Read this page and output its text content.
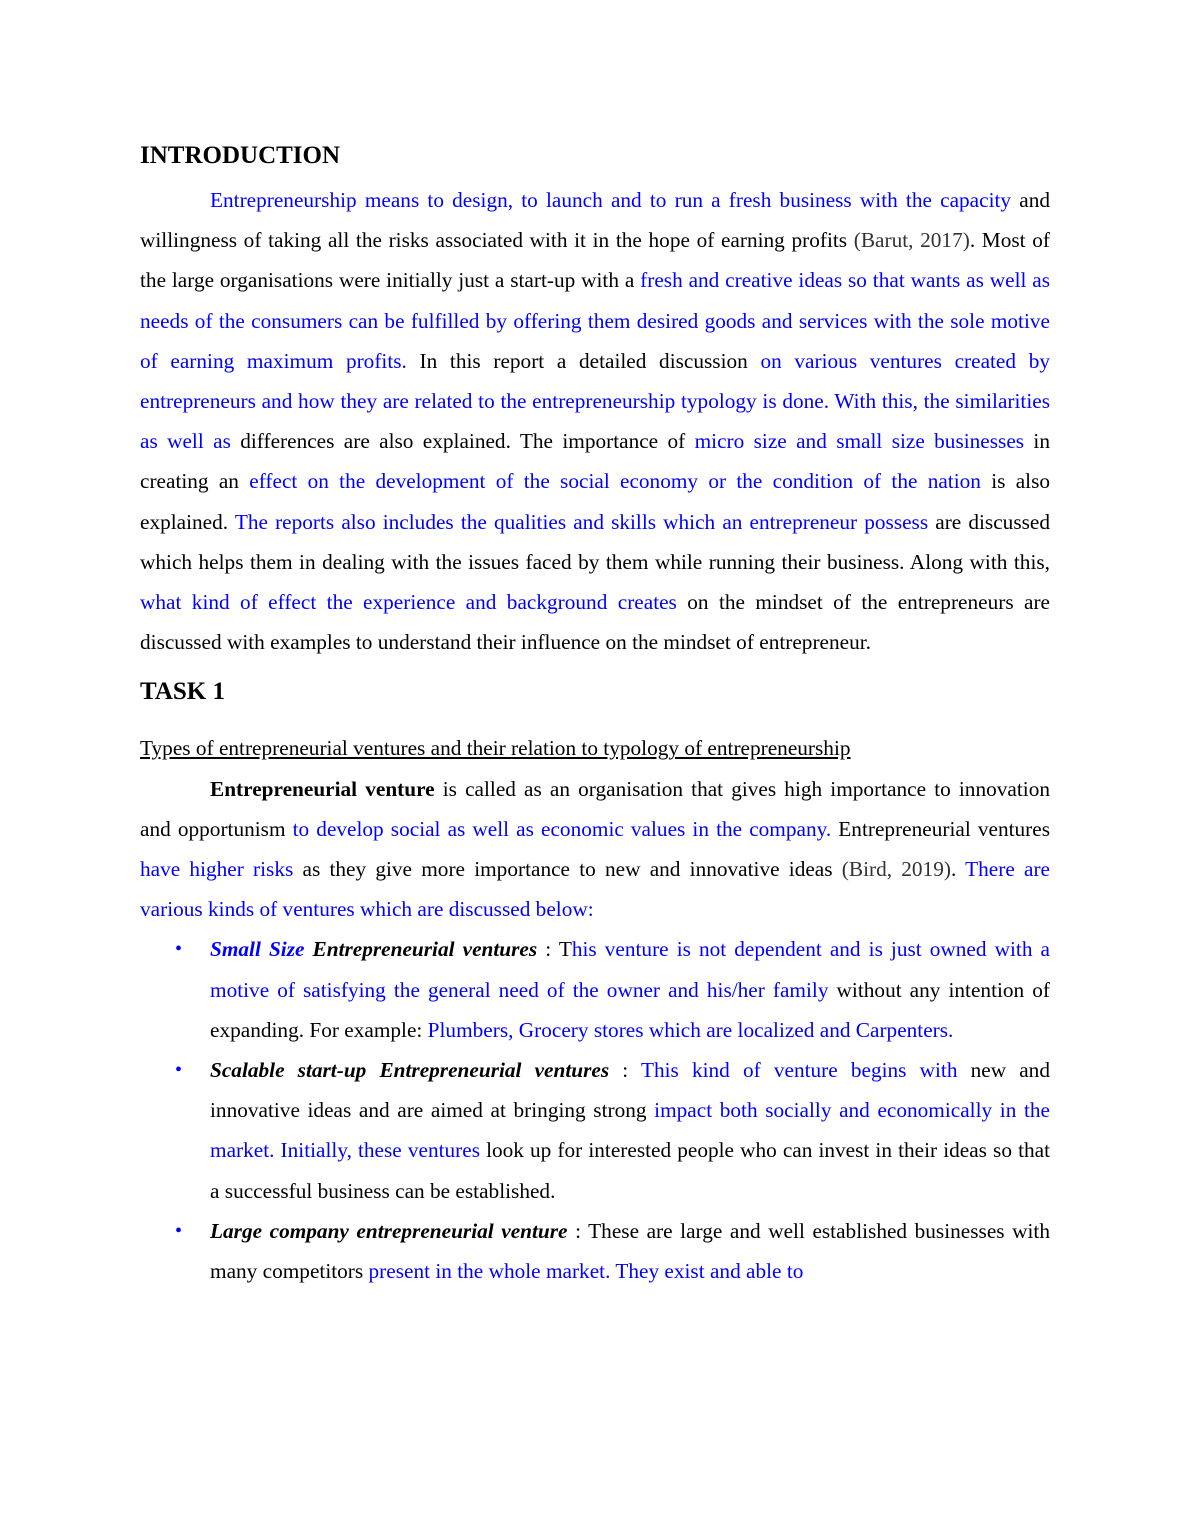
INTRODUCTION

Entrepreneurship means to design, to launch and to run a fresh business with the capacity and willingness of taking all the risks associated with it in the hope of earning profits (Barut, 2017). Most of the large organisations were initially just a start-up with a fresh and creative ideas so that wants as well as needs of the consumers can be fulfilled by offering them desired goods and services with the sole motive of earning maximum profits. In this report a detailed discussion on various ventures created by entrepreneurs and how they are related to the entrepreneurship typology is done. With this, the similarities as well as differences are also explained. The importance of micro size and small size businesses in creating an effect on the development of the social economy or the condition of the nation is also explained. The reports also includes the qualities and skills which an entrepreneur possess are discussed which helps them in dealing with the issues faced by them while running their business. Along with this, what kind of effect the experience and background creates on the mindset of the entrepreneurs are discussed with examples to understand their influence on the mindset of entrepreneur.

TASK 1

Types of entrepreneurial ventures and their relation to typology of entrepreneurship

Entrepreneurial venture is called as an organisation that gives high importance to innovation and opportunism to develop social as well as economic values in the company. Entrepreneurial ventures have higher risks as they give more importance to new and innovative ideas (Bird, 2019). There are various kinds of ventures which are discussed below:

• Small Size Entrepreneurial ventures : This venture is not dependent and is just owned with a motive of satisfying the general need of the owner and his/her family without any intention of expanding. For example: Plumbers, Grocery stores which are localized and Carpenters.
• Scalable start-up Entrepreneurial ventures : This kind of venture begins with new and innovative ideas and are aimed at bringing strong impact both socially and economically in the market. Initially, these ventures look up for interested people who can invest in their ideas so that a successful business can be established.
• Large company entrepreneurial venture : These are large and well established businesses with many competitors present in the whole market. They exist and able to
